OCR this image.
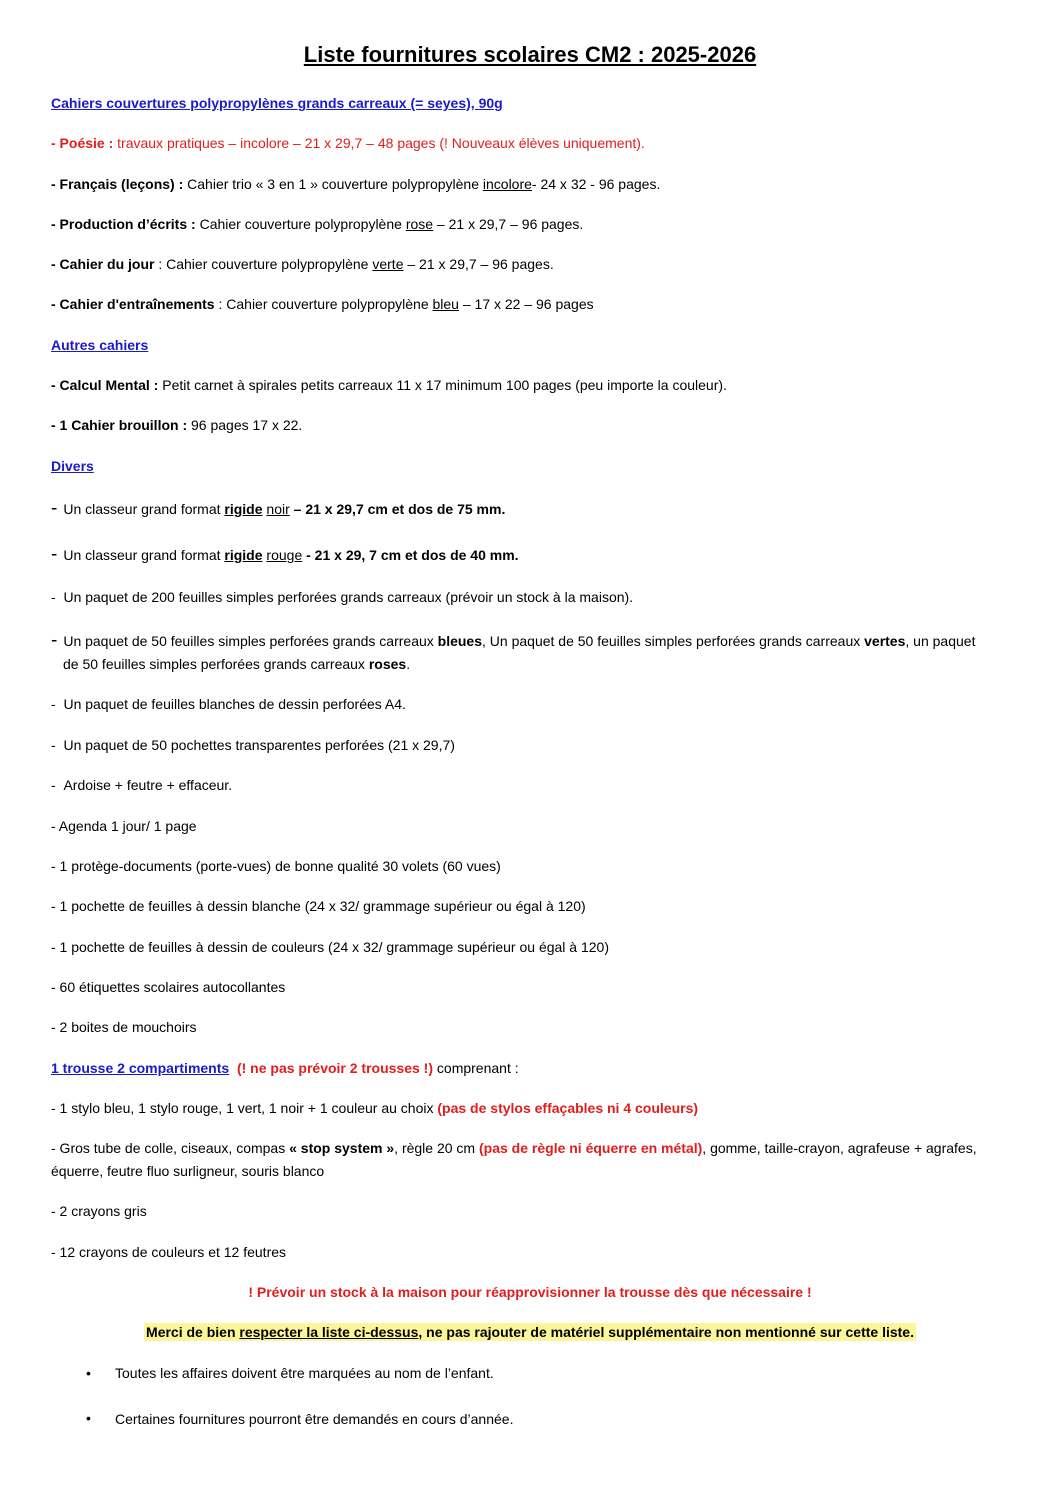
Liste fournitures scolaires CM2 : 2025-2026
Cahiers couvertures polypropylènes grands carreaux (= seyes), 90g
- Poésie : travaux pratiques – incolore – 21 x 29,7 – 48 pages (! Nouveaux élèves uniquement).
- Français (leçons) : Cahier trio « 3 en 1 » couverture polypropylène incolore- 24 x 32 - 96 pages.
- Production d’écrits : Cahier couverture polypropylène rose – 21 x 29,7 – 96 pages.
- Cahier du jour : Cahier couverture polypropylène verte – 21 x 29,7 – 96 pages.
- Cahier d'entraînements : Cahier couverture polypropylène bleu – 17 x 22 – 96 pages
Autres cahiers
- Calcul Mental : Petit carnet à spirales petits carreaux 11 x 17 minimum 100 pages (peu importe la couleur).
- 1 Cahier brouillon : 96 pages 17 x 22.
Divers
- Un classeur grand format rigide noir – 21 x 29,7 cm et dos de 75 mm.
- Un classeur grand format rigide rouge - 21 x 29, 7 cm et dos de 40 mm.
-  Un paquet de 200 feuilles simples perforées grands carreaux (prévoir un stock à la maison).
- Un paquet de 50 feuilles simples perforées grands carreaux bleues, Un paquet de 50 feuilles simples perforées grands carreaux vertes, un paquet
de 50 feuilles simples perforées grands carreaux roses.
-  Un paquet de feuilles blanches de dessin perforées A4.
-  Un paquet de 50 pochettes transparentes perforées (21 x 29,7)
-  Ardoise + feutre + effaceur.
- Agenda 1 jour/ 1 page
- 1 protège-documents (porte-vues) de bonne qualité 30 volets (60 vues)
- 1 pochette de feuilles à dessin blanche (24 x 32/ grammage supérieur ou égal à 120)
- 1 pochette de feuilles à dessin de couleurs (24 x 32/ grammage supérieur ou égal à 120)
- 60 étiquettes scolaires autocollantes
- 2 boites de mouchoirs
1 trousse 2 compartiments (! ne pas prévoir 2 trousses !) comprenant :
- 1 stylo bleu, 1 stylo rouge, 1 vert, 1 noir + 1 couleur au choix (pas de stylos effaçables ni 4 couleurs)
- Gros tube de colle, ciseaux, compas « stop system », règle 20 cm (pas de règle ni équerre en métal), gomme, taille-crayon, agrafeuse + agrafes,
équerre, feutre fluo surligneur, souris blanco
- 2 crayons gris
- 12 crayons de couleurs et 12 feutres
! Prévoir un stock à la maison pour réapprovisionner la trousse dès que nécessaire !
Merci de bien respecter la liste ci-dessus, ne pas rajouter de matériel supplémentaire non mentionné sur cette liste.
• Toutes les affaires doivent être marquées au nom de l’enfant.
• Certaines fournitures pourront être demandés en cours d’année.
